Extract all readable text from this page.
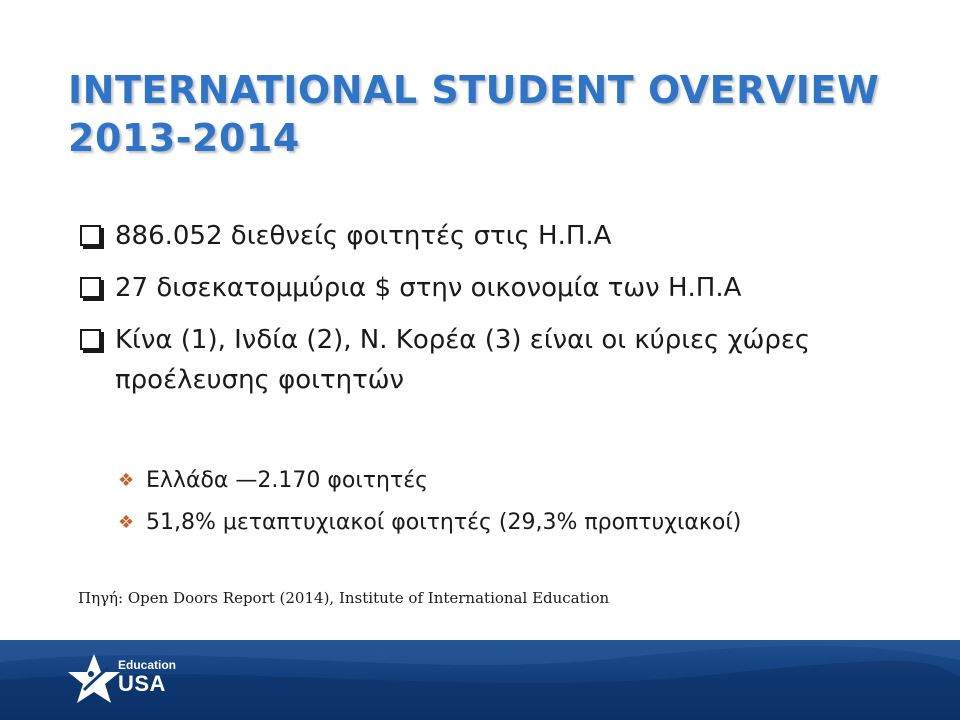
INTERNATIONAL STUDENT OVERVIEW
2013-2014
886.052 διεθνείς φοιτητές στις Η.Π.Α
27 δισεκατομμύρια $ στην οικονομία των Η.Π.Α
Κίνα (1), Ινδία (2), Ν. Κορέα (3) είναι οι κύριες χώρες προέλευσης φοιτητών
❖ Ελλάδα —2.170 φοιτητές
❖ 51,8% μεταπτυχιακοί φοιτητές (29,3% προπτυχιακοί)
Πηγή: Open Doors Report (2014), Institute of International Education
Education
USA
